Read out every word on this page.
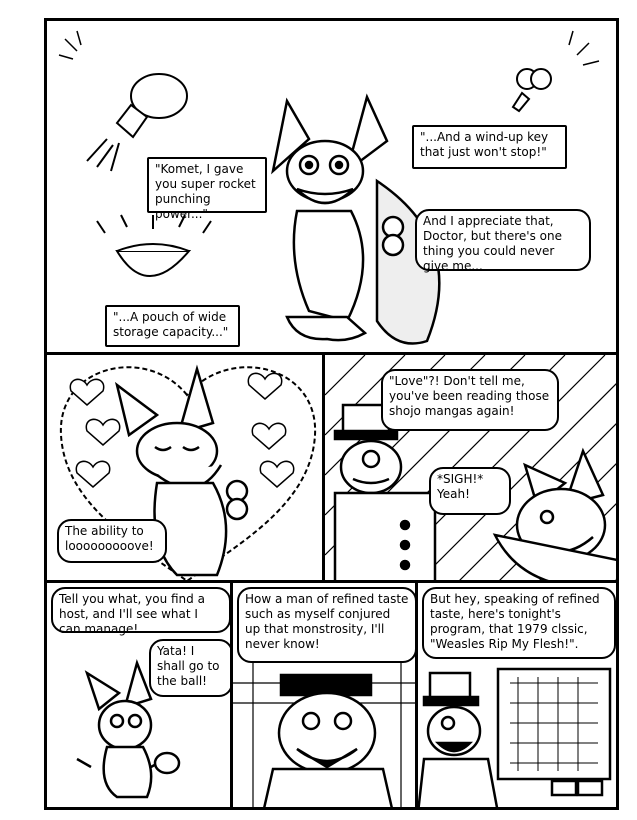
"Komet, I gave you super rocket punching power..."
"...And a wind-up key that just won't stop!"
And I appreciate that, Doctor, but there's one thing you could never give me...
"...A pouch of wide storage capacity..."
The ability to looooooooove!
"Love"?! Don't tell me, you've been reading those shojo mangas again!
*SIGH!* Yeah!
Tell you what, you find a host, and I'll see what I can manage!
Yata! I shall go to the ball!
How a man of refined taste such as myself conjured up that monstrosity, I'll never know!
But hey, speaking of refined taste, here's tonight's program, that 1979 clssic, "Weasles Rip My Flesh!".
